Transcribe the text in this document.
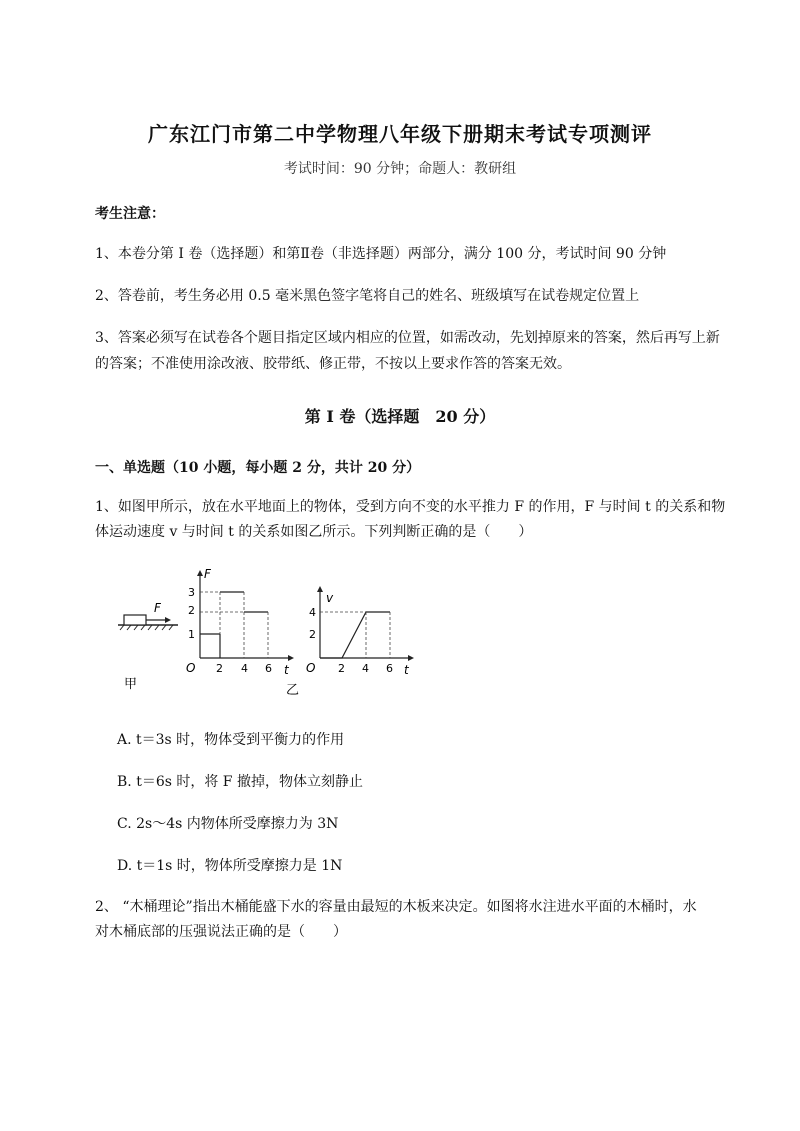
广东江门市第二中学物理八年级下册期末考试专项测评
考试时间：90 分钟；命题人：教研组
考生注意：
1、本卷分第 I 卷（选择题）和第Ⅱ卷（非选择题）两部分，满分 100 分，考试时间 90 分钟
2、答卷前，考生务必用 0.5 毫米黑色签字笔将自己的姓名、班级填写在试卷规定位置上
3、答案必须写在试卷各个题目指定区域内相应的位置，如需改动，先划掉原来的答案，然后再写上新
的答案；不准使用涂改液、胶带纸、修正带，不按以上要求作答的答案无效。
第 I 卷（选择题　20 分）
一、单选题（10 小题，每小题 2 分，共计 20 分）
1、如图甲所示，放在水平地面上的物体，受到方向不变的水平推力 F 的作用，F 与时间 t 的关系和物
体运动速度 v 与时间 t 的关系如图乙所示。下列判断正确的是（　　）
F
甲
F
t
O
1
2
3
2 4 6
乙
v
t
O
2
4
2 4 6
A. t＝3s 时，物体受到平衡力的作用
B. t＝6s 时，将 F 撤掉，物体立刻静止
C. 2s～4s 内物体所受摩擦力为 3N
D. t＝1s 时，物体所受摩擦力是 1N
2、 “木桶理论”指出木桶能盛下水的容量由最短的木板来决定。如图将水注进水平面的木桶时，水
对木桶底部的压强说法正确的是（　　）
